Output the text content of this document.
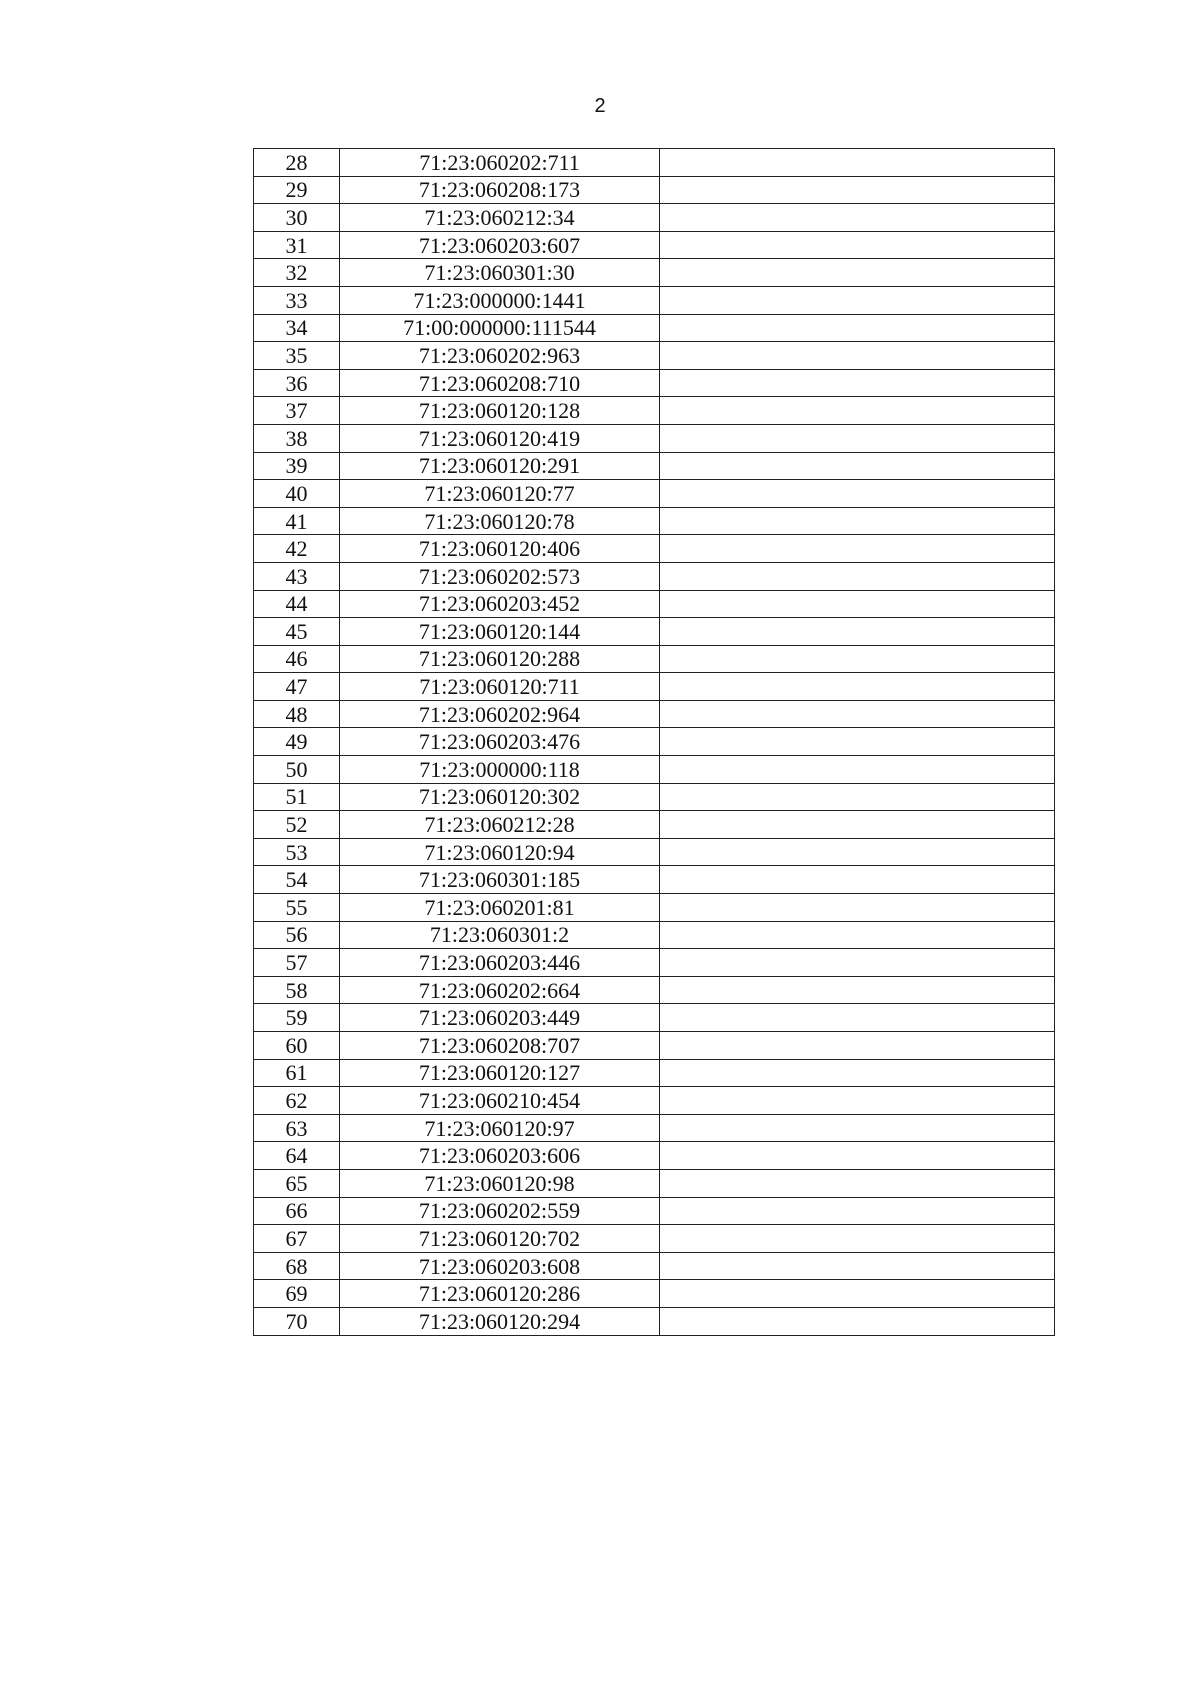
2
28	71:23:060202:711	
29	71:23:060208:173	
30	71:23:060212:34	
31	71:23:060203:607	
32	71:23:060301:30	
33	71:23:000000:1441	
34	71:00:000000:111544	
35	71:23:060202:963	
36	71:23:060208:710	
37	71:23:060120:128	
38	71:23:060120:419	
39	71:23:060120:291	
40	71:23:060120:77	
41	71:23:060120:78	
42	71:23:060120:406	
43	71:23:060202:573	
44	71:23:060203:452	
45	71:23:060120:144	
46	71:23:060120:288	
47	71:23:060120:711	
48	71:23:060202:964	
49	71:23:060203:476	
50	71:23:000000:118	
51	71:23:060120:302	
52	71:23:060212:28	
53	71:23:060120:94	
54	71:23:060301:185	
55	71:23:060201:81	
56	71:23:060301:2	
57	71:23:060203:446	
58	71:23:060202:664	
59	71:23:060203:449	
60	71:23:060208:707	
61	71:23:060120:127	
62	71:23:060210:454	
63	71:23:060120:97	
64	71:23:060203:606	
65	71:23:060120:98	
66	71:23:060202:559	
67	71:23:060120:702	
68	71:23:060203:608	
69	71:23:060120:286	
70	71:23:060120:294	
